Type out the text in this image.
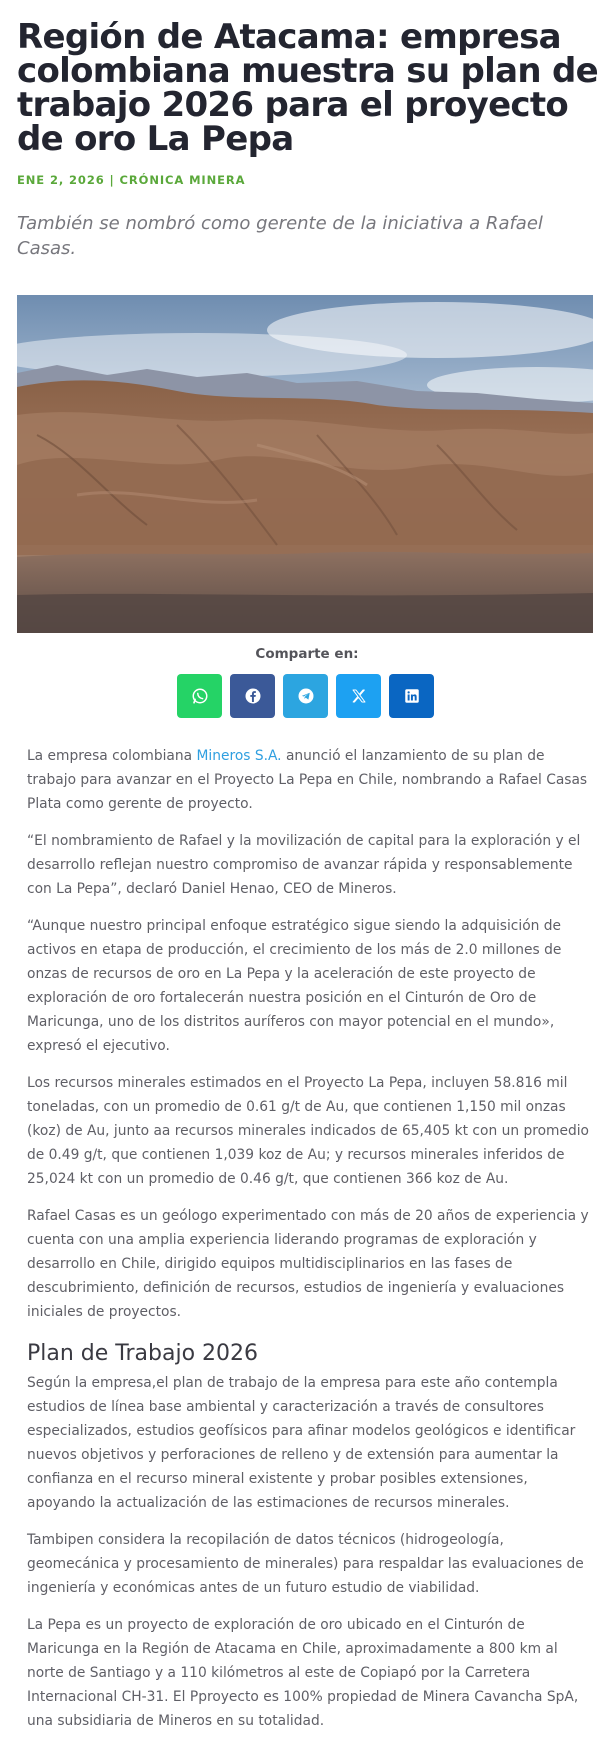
Región de Atacama: empresa colombiana muestra su plan de trabajo 2026 para el proyecto de oro La Pepa
ENE 2, 2026 | CRÓNICA MINERA

También se nombró como gerente de la iniciativa a Rafael Casas.

Comparte en:

La empresa colombiana Mineros S.A. anunció el lanzamiento de su plan de trabajo para avanzar en el Proyecto La Pepa en Chile, nombrando a Rafael Casas Plata como gerente de proyecto.

“El nombramiento de Rafael y la movilización de capital para la exploración y el desarrollo reflejan nuestro compromiso de avanzar rápida y responsablemente con La Pepa”, declaró Daniel Henao, CEO de Mineros.

“Aunque nuestro principal enfoque estratégico sigue siendo la adquisición de activos en etapa de producción, el crecimiento de los más de 2.0 millones de onzas de recursos de oro en La Pepa y la aceleración de este proyecto de exploración de oro fortalecerán nuestra posición en el Cinturón de Oro de Maricunga, uno de los distritos auríferos con mayor potencial en el mundo», expresó el ejecutivo.

Los recursos minerales estimados en el Proyecto La Pepa, incluyen 58.816 mil toneladas, con un promedio de 0.61 g/t de Au, que contienen 1,150 mil onzas (koz) de Au, junto aa recursos minerales indicados de 65,405 kt con un promedio de 0.49 g/t, que contienen 1,039 koz de Au; y recursos minerales inferidos de 25,024 kt con un promedio de 0.46 g/t, que contienen 366 koz de Au.

Rafael Casas es un geólogo experimentado con más de 20 años de experiencia y cuenta con una amplia experiencia liderando programas de exploración y desarrollo en Chile, dirigido equipos multidisciplinarios en las fases de descubrimiento, definición de recursos, estudios de ingeniería y evaluaciones iniciales de proyectos.

Plan de Trabajo 2026

Según la empresa,el plan de trabajo de la empresa para este año contempla estudios de línea base ambiental y caracterización a través de consultores especializados, estudios geofísicos para afinar modelos geológicos e identificar nuevos objetivos y perforaciones de relleno y de extensión para aumentar la confianza en el recurso mineral existente y probar posibles extensiones, apoyando la actualización de las estimaciones de recursos minerales.

Tambipen considera la recopilación de datos técnicos (hidrogeología, geomecánica y procesamiento de minerales) para respaldar las evaluaciones de ingeniería y económicas antes de un futuro estudio de viabilidad.

La Pepa es un proyecto de exploración de oro ubicado en el Cinturón de Maricunga en la Región de Atacama en Chile, aproximadamente a 800 km al norte de Santiago y a 110 kilómetros al este de Copiapó por la Carretera Internacional CH-31. El Pproyecto es 100% propiedad de Minera Cavancha SpA, una subsidiaria de Mineros en su totalidad.
